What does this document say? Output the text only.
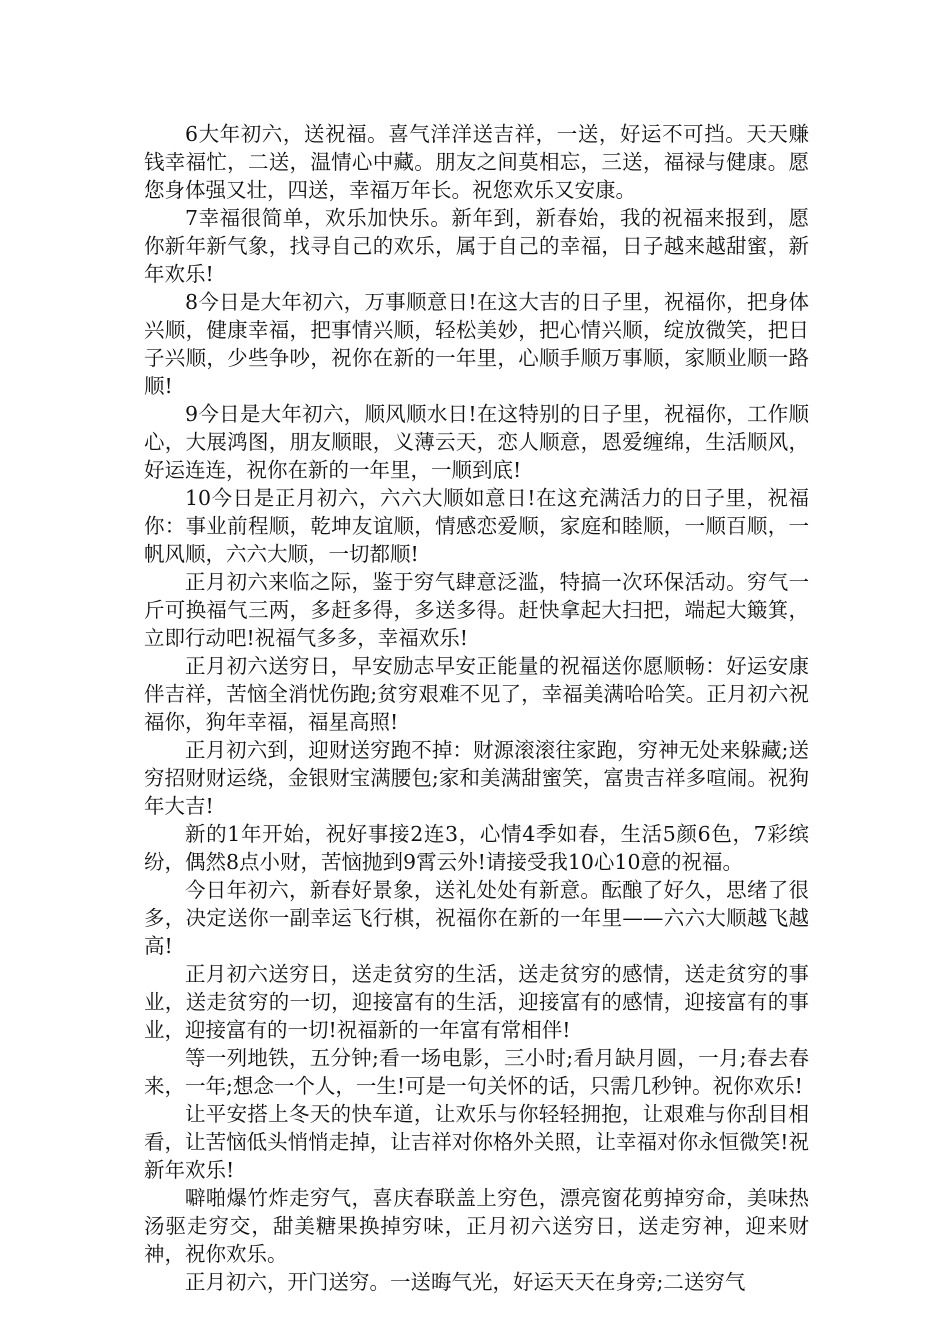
6大年初六，送祝福。喜气洋洋送吉祥，一送，好运不可挡。天天赚钱幸福忙，二送，温情心中藏。朋友之间莫相忘，三送，福禄与健康。愿您身体强又壮，四送，幸福万年长。祝您欢乐又安康。

7幸福很简单，欢乐加快乐。新年到，新春始，我的祝福来报到，愿你新年新气象，找寻自己的欢乐，属于自己的幸福，日子越来越甜蜜，新年欢乐!

8今日是大年初六，万事顺意日!在这大吉的日子里，祝福你，把身体兴顺，健康幸福，把事情兴顺，轻松美妙，把心情兴顺，绽放微笑，把日子兴顺，少些争吵，祝你在新的一年里，心顺手顺万事顺，家顺业顺一路顺!

9今日是大年初六，顺风顺水日!在这特别的日子里，祝福你，工作顺心，大展鸿图，朋友顺眼，义薄云天，恋人顺意，恩爱缠绵，生活顺风，好运连连，祝你在新的一年里，一顺到底!

10今日是正月初六，六六大顺如意日!在这充满活力的日子里，祝福你：事业前程顺，乾坤友谊顺，情感恋爱顺，家庭和睦顺，一顺百顺，一帆风顺，六六大顺，一切都顺!

正月初六来临之际，鉴于穷气肆意泛滥，特搞一次环保活动。穷气一斤可换福气三两，多赶多得，多送多得。赶快拿起大扫把，端起大簸箕，立即行动吧!祝福气多多，幸福欢乐!

正月初六送穷日，早安励志早安正能量的祝福送你愿顺畅：好运安康伴吉祥，苦恼全消忧伤跑;贫穷艰难不见了，幸福美满哈哈笑。正月初六祝福你，狗年幸福，福星高照!

正月初六到，迎财送穷跑不掉：财源滚滚往家跑，穷神无处来躲藏;送穷招财财运绕，金银财宝满腰包;家和美满甜蜜笑，富贵吉祥多喧闹。祝狗年大吉!

新的1年开始，祝好事接2连3，心情4季如春，生活5颜6色，7彩缤纷，偶然8点小财，苦恼抛到9霄云外!请接受我10心10意的祝福。

今日年初六，新春好景象，送礼处处有新意。酝酿了好久，思绪了很多，决定送你一副幸运飞行棋，祝福你在新的一年里——六六大顺越飞越高!

正月初六送穷日，送走贫穷的生活，送走贫穷的感情，送走贫穷的事业，送走贫穷的一切，迎接富有的生活，迎接富有的感情，迎接富有的事业，迎接富有的一切!祝福新的一年富有常相伴!

等一列地铁，五分钟;看一场电影，三小时;看月缺月圆，一月;春去春来，一年;想念一个人，一生!可是一句关怀的话，只需几秒钟。祝你欢乐!

让平安搭上冬天的快车道，让欢乐与你轻轻拥抱，让艰难与你刮目相看，让苦恼低头悄悄走掉，让吉祥对你格外关照，让幸福对你永恒微笑!祝新年欢乐!

噼啪爆竹炸走穷气，喜庆春联盖上穷色，漂亮窗花剪掉穷命，美味热汤驱走穷交，甜美糖果换掉穷味，正月初六送穷日，送走穷神，迎来财神，祝你欢乐。

正月初六，开门送穷。一送晦气光，好运天天在身旁;二送穷气
